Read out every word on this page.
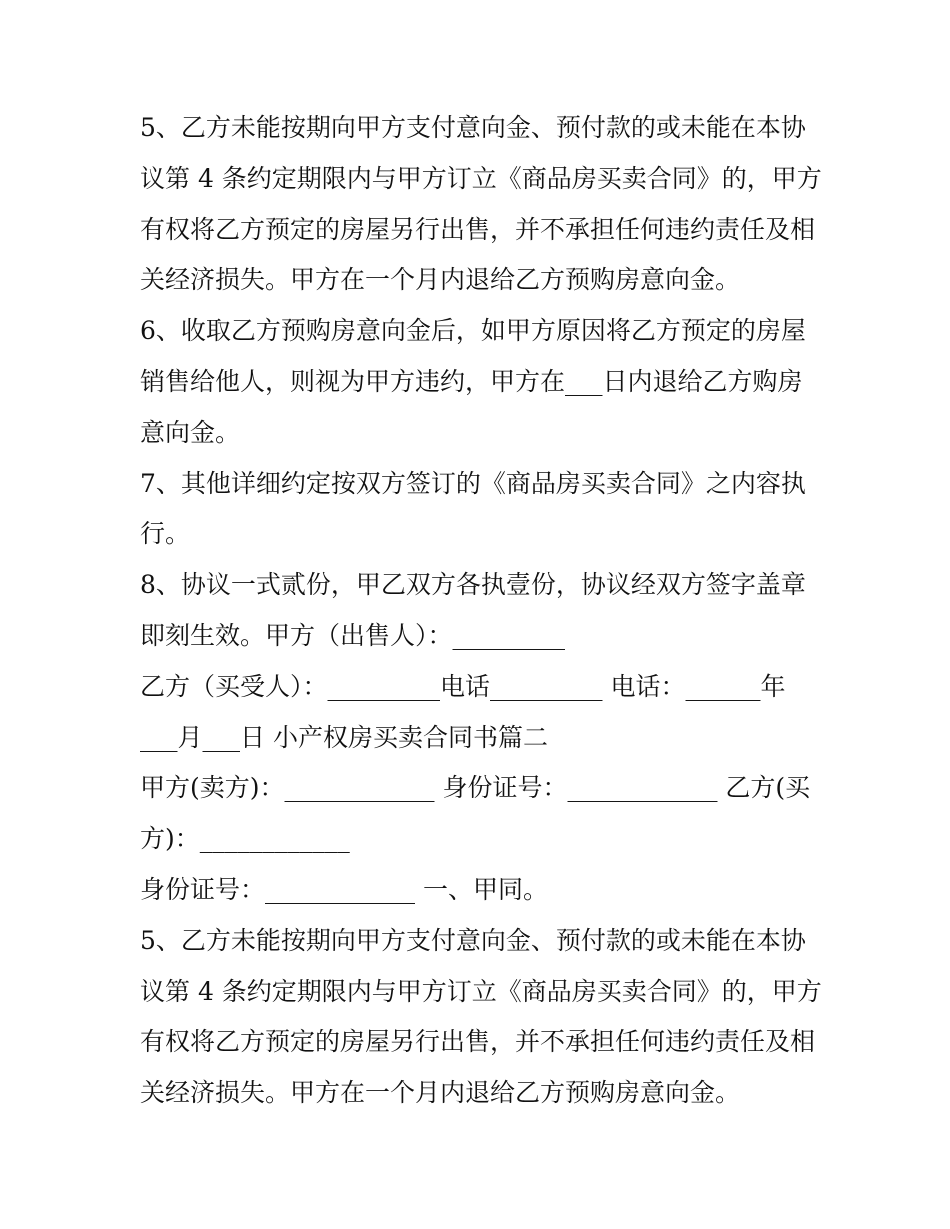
5、乙方未能按期向甲方支付意向金、预付款的或未能在本协
议第 4 条约定期限内与甲方订立《商品房买卖合同》的，甲方
有权将乙方预定的房屋另行出售，并不承担任何违约责任及相
关经济损失。甲方在一个月内退给乙方预购房意向金。
6、收取乙方预购房意向金后，如甲方原因将乙方预定的房屋
销售给他人，则视为甲方违约，甲方在___日内退给乙方购房
意向金。
7、其他详细约定按双方签订的《商品房买卖合同》之内容执
行。
8、协议一式贰份，甲乙双方各执壹份，协议经双方签字盖章
即刻生效。甲方（出售人）：_________
乙方（买受人）：_________电话_________ 电话：______年
___月___日 小产权房买卖合同书篇二
甲方(卖方)：____________ 身份证号：____________ 乙方(买
方)：____________
身份证号：____________ 一、甲同。
5、乙方未能按期向甲方支付意向金、预付款的或未能在本协
议第 4 条约定期限内与甲方订立《商品房买卖合同》的，甲方
有权将乙方预定的房屋另行出售，并不承担任何违约责任及相
关经济损失。甲方在一个月内退给乙方预购房意向金。
